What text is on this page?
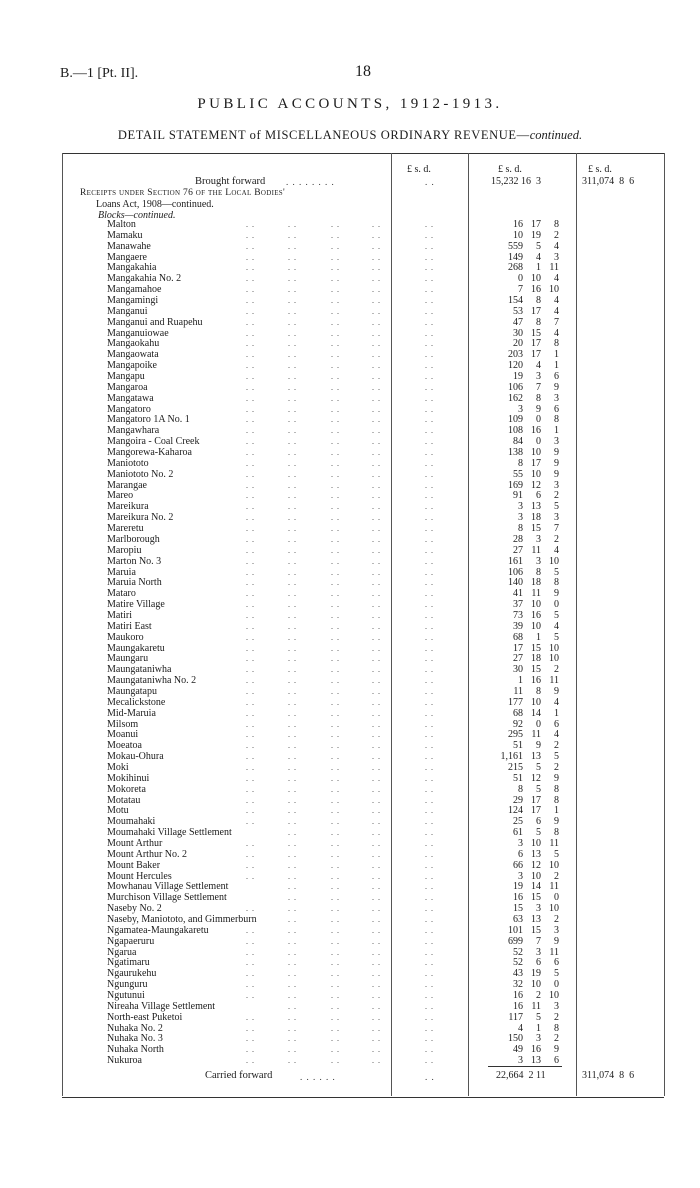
B.—1 [Pt. II].	18
PUBLIC ACCOUNTS, 1912-1913.
DETAIL STATEMENT of MISCELLANEOUS ORDINARY REVENUE—continued.
£ s. d.	£ s. d.	£ s. d.
Brought forward . . . . . . . .	. .	15,232 16  3	311,074  8  6
Receipts under Section 76 of the Local Bodies'
Loans Act, 1908—continued.
Blocks—continued.
Malton	. .	. .	. .	. .	. .	16 17	8
Mamaku	. .	. .	. .	. .	. .	10 19	2
Manawahe	. .	. .	. .	. .	. .	559	5	4
Mangaere	. .	. .	. .	. .	. .	149	4	3
Mangakahia	. .	. .	. .	. .	. .	268	1 11
Mangakahia No. 2	. .	. .	. .	. .	. .	0 10	4
Mangamahoe	. .	. .	. .	. .	. .	7 16 10
Mangamingi	. .	. .	. .	. .	. .	154	8	4
Manganui	. .	. .	. .	. .	. .	53 17	4
Manganui and Ruapehu	. .	. .	. .	. .	. .	47	8	7
Manganuiowae	. .	. .	. .	. .	. .	30 15	4
Mangaokahu	. .	. .	. .	. .	. .	20 17	8
Mangaowata	. .	. .	. .	. .	. .	203 17	1
Mangapoike	. .	. .	. .	. .	. .	120	4	1
Mangapu	. .	. .	. .	. .	. .	19	3	6
Mangaroa	. .	. .	. .	. .	. .	106	7	9
Mangatawa	. .	. .	. .	. .	. .	162	8	3
Mangatoro	. .	. .	. .	. .	. .	3	9	6
Mangatoro 1A No. 1	. .	. .	. .	. .	. .	109	0	8
Mangawhara	. .	. .	. .	. .	. .	108 16	1
Mangoira - Coal Creek	. .	. .	. .	. .	. .	84	0	3
Mangorewa-Kaharoa	. .	. .	. .	. .	. .	138 10	9
Maniototo	. .	. .	. .	. .	. .	8 17	9
Maniototo No. 2	. .	. .	. .	. .	. .	55 10	9
Marangae	. .	. .	. .	. .	. .	169 12	3
Mareo	. .	. .	. .	. .	. .	91	6	2
Mareikura	. .	. .	. .	. .	. .	3 13	5
Mareikura No. 2	. .	. .	. .	. .	. .	3 18	3
Mareretu	. .	. .	. .	. .	. .	8 15	7
Marlborough	. .	. .	. .	. .	. .	28	3	2
Maropiu	. .	. .	. .	. .	. .	27 11	4
Marton No. 3	. .	. .	. .	. .	. .	161	3 10
Maruia	. .	. .	. .	. .	. .	106	8	5
Maruia North	. .	. .	. .	. .	. .	140 18	8
Mataro	. .	. .	. .	. .	. .	41 11	9
Matire Village	. .	. .	. .	. .	. .	37 10	0
Matiri	. .	. .	. .	. .	. .	73 16	5
Matiri East	. .	. .	. .	. .	. .	39 10	4
Maukoro	. .	. .	. .	. .	. .	68	1	5
Maungakaretu	. .	. .	. .	. .	. .	17 15 10
Maungaru	. .	. .	. .	. .	. .	27 18 10
Maungataniwha	. .	. .	. .	. .	. .	30 15	2
Maungataniwha No. 2	. .	. .	. .	. .	. .	1 16 11
Maungatapu	. .	. .	. .	. .	. .	11	8	9
Mecalickstone	. .	. .	. .	. .	. .	177 10	4
Mid-Maruia	. .	. .	. .	. .	. .	68 14	1
Milsom	. .	. .	. .	. .	. .	92	0	6
Moanui	. .	. .	. .	. .	. .	295 11	4
Moeatoa	. .	. .	. .	. .	. .	51	9	2
Mokau-Ohura	. .	. .	. .	. .	. .	1,161 13	5
Moki	. .	. .	. .	. .	. .	215	5	2
Mokihinui	. .	. .	. .	. .	. .	51 12	9
Mokoreta	. .	. .	. .	. .	. .	8	5	8
Motatau	. .	. .	. .	. .	. .	29 17	8
Motu	. .	. .	. .	. .	. .	124 17	1
Moumahaki	. .	. .	. .	. .	. .	25	6	9
Moumahaki Village Settlement	. .	. .	. .	. .	61	5	8
Mount Arthur	. .	. .	. .	. .	. .	3 10 11
Mount Arthur No. 2	. .	. .	. .	. .	. .	6 13	5
Mount Baker	. .	. .	. .	. .	. .	66 12 10
Mount Hercules	. .	. .	. .	. .	. .	3 10	2
Mowhanau Village Settlement	. .	. .	. .	. .	19 14 11
Murchison Village Settlement	. .	. .	. .	. .	16 15	0
Naseby No. 2	. .	. .	. .	. .	. .	15	3 10
Naseby, Maniototo, and Gimmerburn	. .	. .	. .	. .	63 13	2
Ngamatea-Maungakaretu	. .	. .	. .	. .	. .	101 15	3
Ngapaeruru	. .	. .	. .	. .	. .	699	7	9
Ngarua	. .	. .	. .	. .	. .	52	3 11
Ngatimaru	. .	. .	. .	. .	. .	52	6	6
Ngaurukehu	. .	. .	. .	. .	. .	43 19	5
Ngunguru	. .	. .	. .	. .	. .	32 10	0
Ngutunui	. .	. .	. .	. .	. .	16	2 10
Nireaha Village Settlement	. .	. .	. .	. .	16 11	3
North-east Puketoi	. .	. .	. .	. .	. .	117	5	2
Nuhaka No. 2	. .	. .	. .	. .	. .	4	1	8
Nuhaka No. 3	. .	. .	. .	. .	. .	150	3	2
Nuhaka North	. .	. .	. .	. .	. .	49 16	9
Nukuroa	. .	. .	. .	. .	. .	3 13	6
Carried forward	. . . . . .	. .	22,664  2 11	311,074  8  6
